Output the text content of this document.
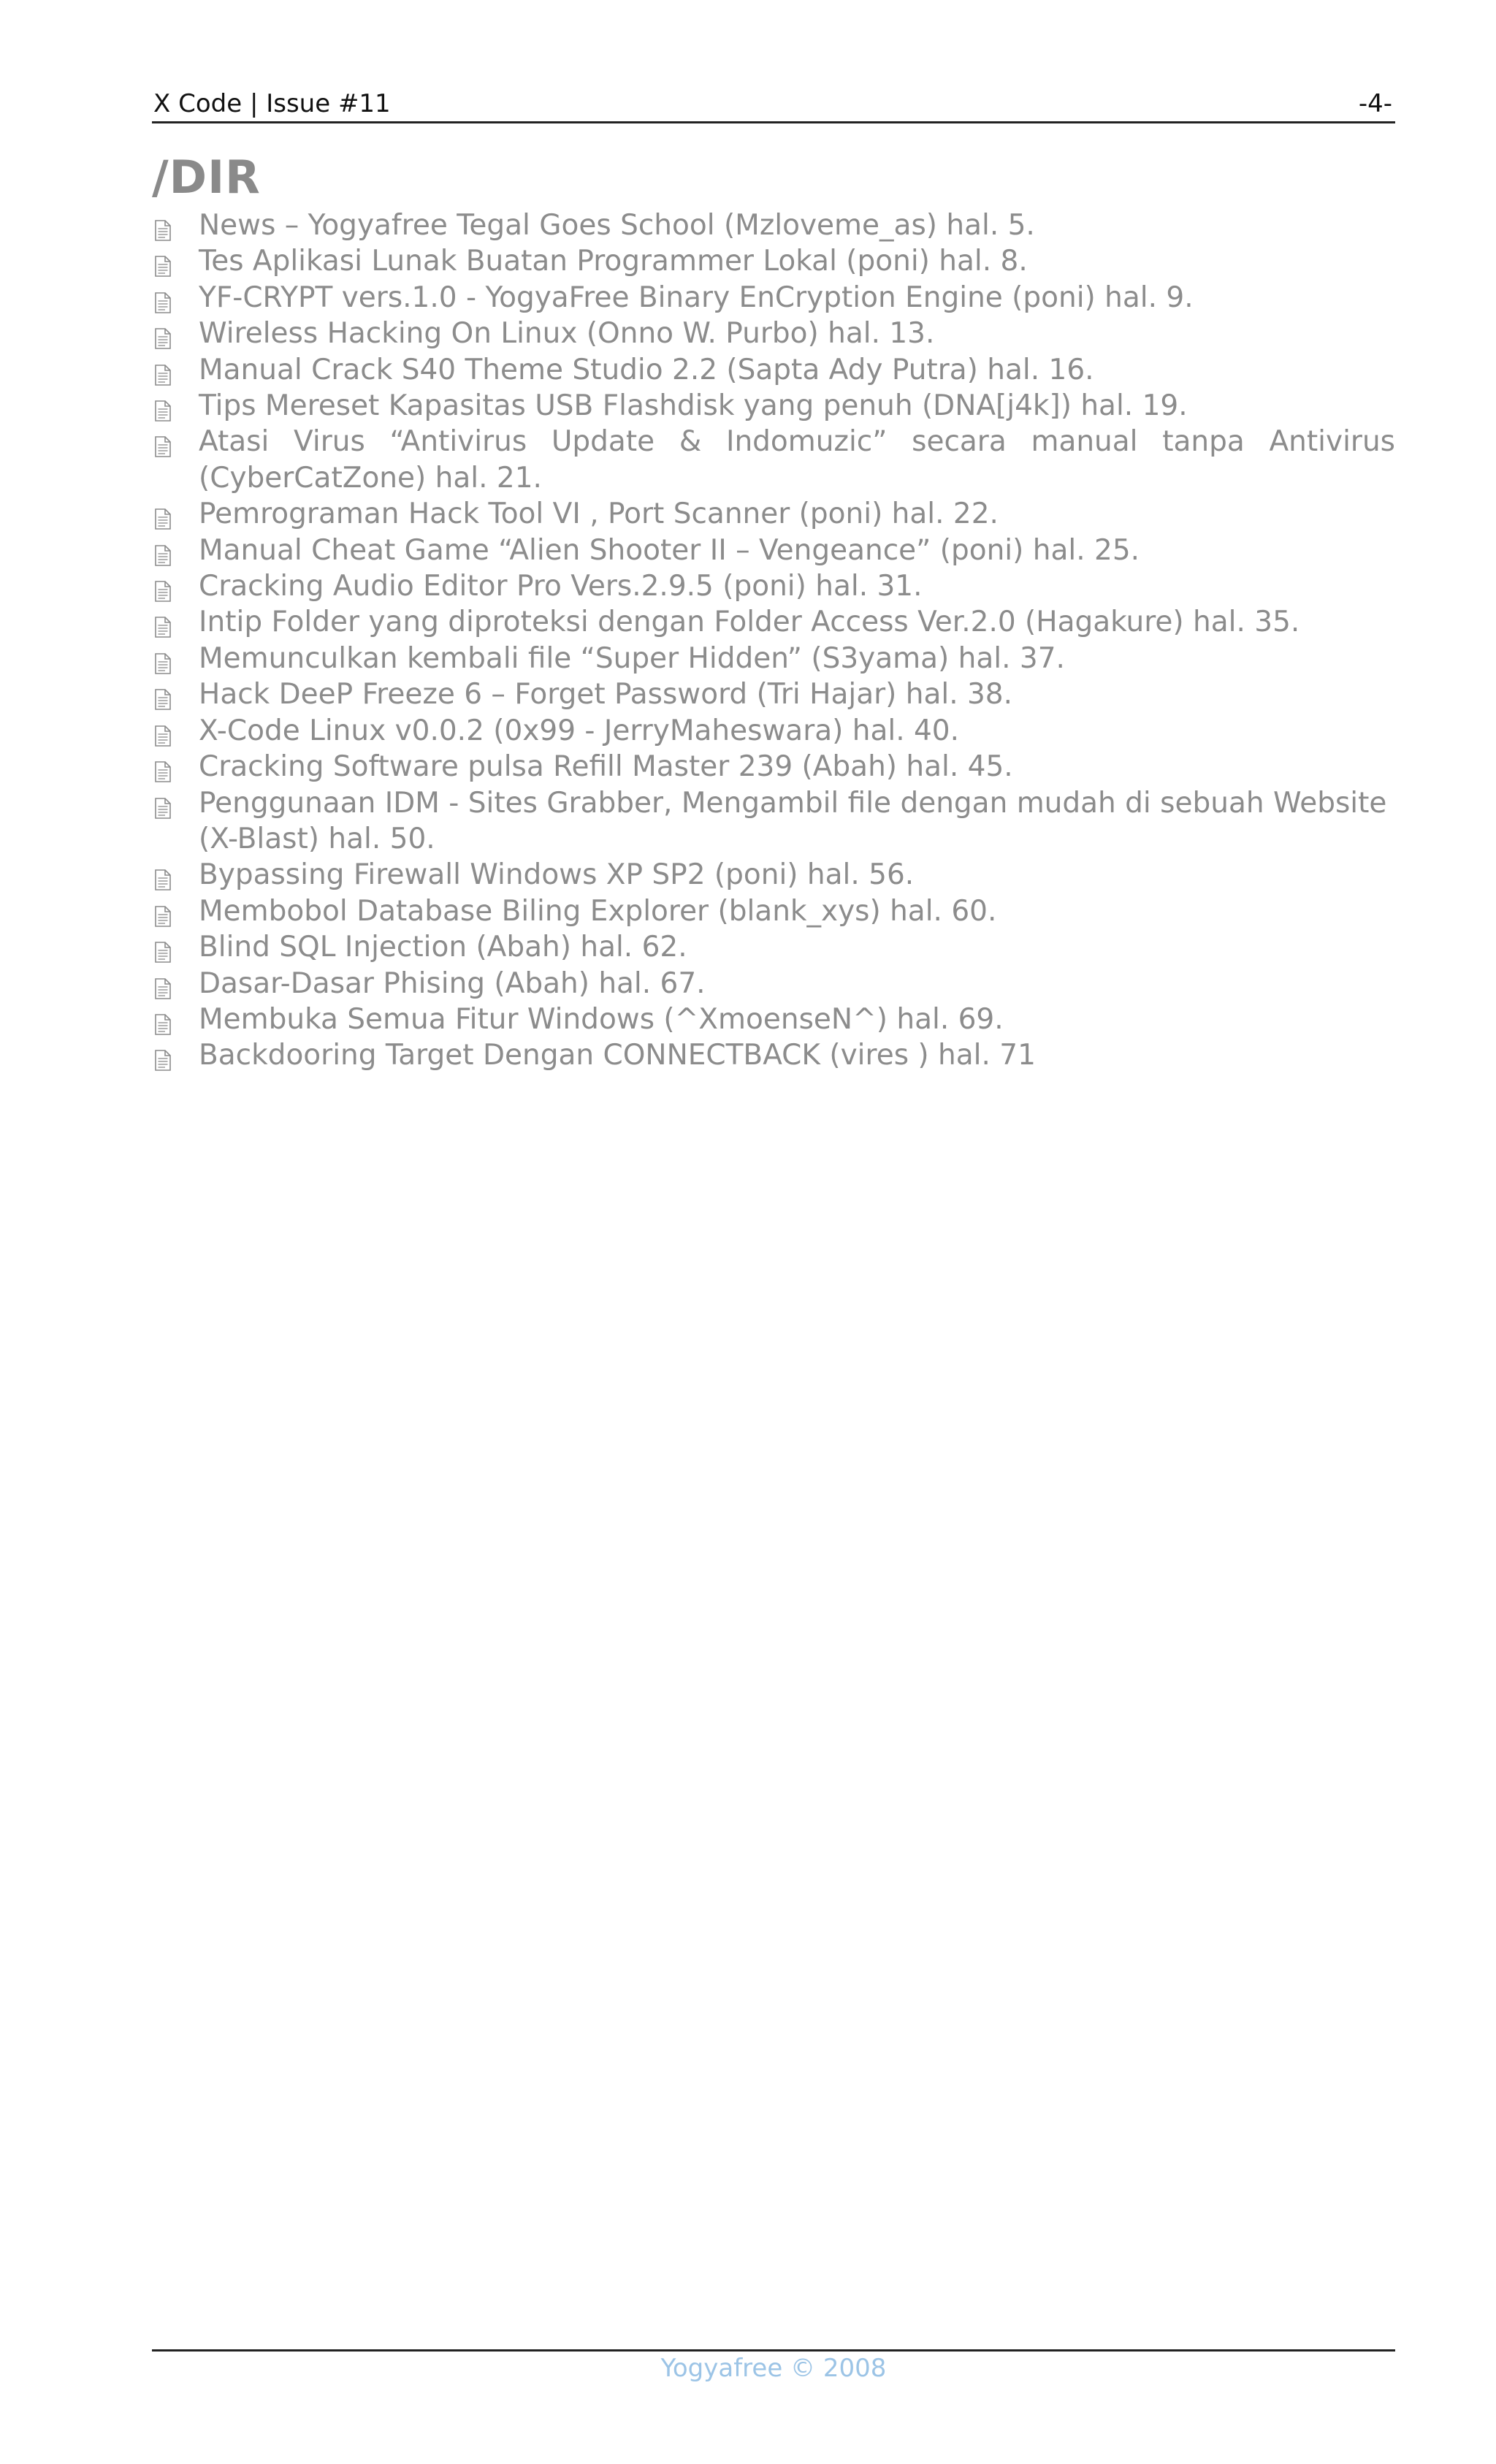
X Code | Issue #11	-4-
/DIR
News – Yogyafree Tegal Goes School (Mzloveme_as) hal. 5.
Tes Aplikasi Lunak Buatan Programmer Lokal (poni) hal. 8.
YF-CRYPT vers.1.0 - YogyaFree Binary EnCryption Engine (poni) hal. 9.
Wireless Hacking On Linux (Onno W. Purbo) hal. 13.
Manual Crack S40 Theme Studio 2.2 (Sapta Ady Putra) hal. 16.
Tips Mereset Kapasitas USB Flashdisk yang penuh (DNA[j4k]) hal. 19.
Atasi Virus “Antivirus Update & Indomuzic” secara manual tanpa Antivirus (CyberCatZone) hal. 21.
Pemrograman Hack Tool VI , Port Scanner (poni) hal. 22.
Manual Cheat Game “Alien Shooter II – Vengeance” (poni) hal. 25.
Cracking Audio Editor Pro Vers.2.9.5 (poni) hal. 31.
Intip Folder yang diproteksi dengan Folder Access Ver.2.0 (Hagakure) hal. 35.
Memunculkan kembali file “Super Hidden” (S3yama) hal. 37.
Hack DeeP Freeze 6 – Forget Password (Tri Hajar) hal. 38.
X-Code Linux v0.0.2 (0x99 - JerryMaheswara) hal. 40.
Cracking Software pulsa Refill Master 239 (Abah) hal. 45.
Penggunaan IDM - Sites Grabber, Mengambil file dengan mudah di sebuah Website (X-Blast) hal. 50.
Bypassing Firewall Windows XP SP2 (poni) hal. 56.
Membobol Database Biling Explorer (blank_xys) hal. 60.
Blind SQL Injection (Abah) hal. 62.
Dasar-Dasar Phising (Abah) hal. 67.
Membuka Semua Fitur Windows (^XmoenseN^) hal. 69.
Backdooring Target Dengan CONNECTBACK (vires ) hal. 71
Yogyafree © 2008
